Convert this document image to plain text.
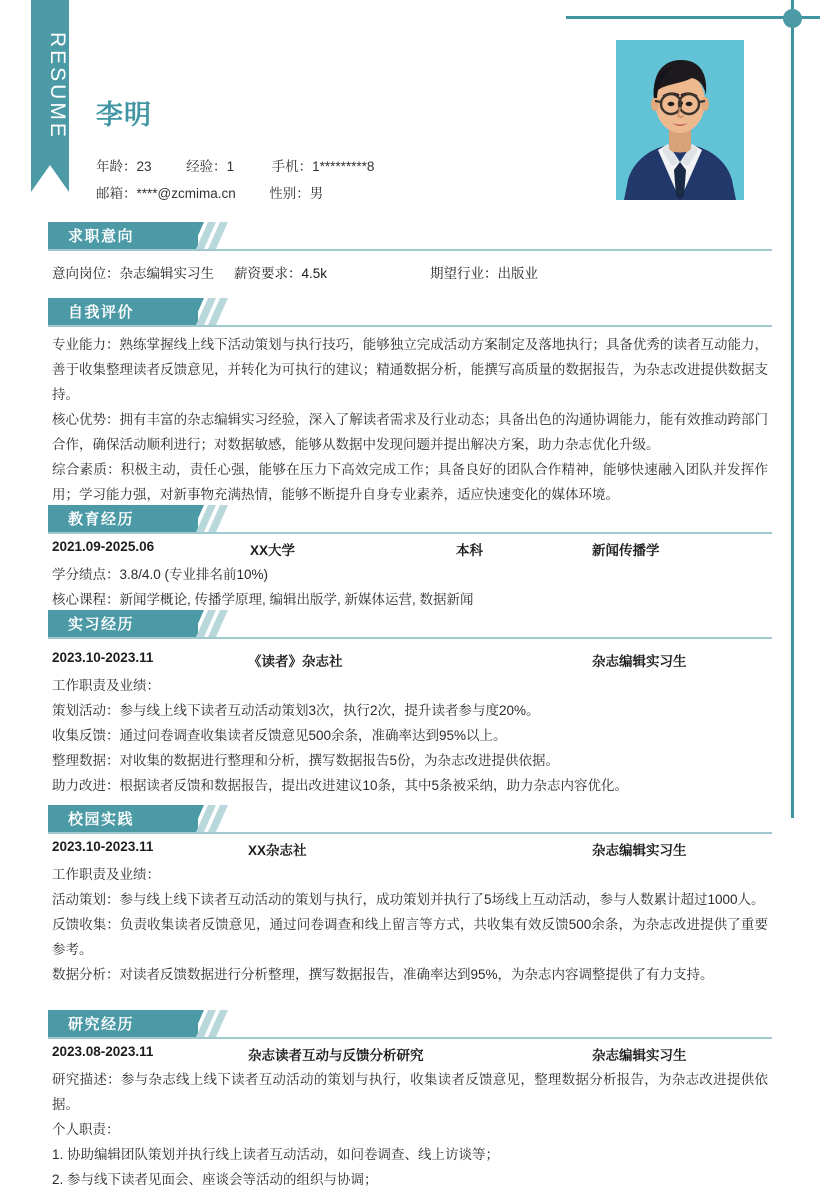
RESUME 李明
年龄：23	经验：1	手机：1*********8
邮箱：****@zcmima.cn 性别：男
求职意向
意向岗位：杂志编辑实习生 薪资要求：4.5k	期望行业：出版业
自我评价

专业能力：熟练掌握线上线下活动策划与执行技巧，能够独立完成活动方案制定及落地执行；具备优秀的读者互动能力，善于收集整理读者反馈意见，并转化为可执行的建议；精通数据分析，能撰写高质量的数据报告，为杂志改进提供数据支持。

核心优势：拥有丰富的杂志编辑实习经验，深入了解读者需求及行业动态；具备出色的沟通协调能力，能有效推动跨部门合作，确保活动顺利进行；对数据敏感，能够从数据中发现问题并提出解决方案，助力杂志优化升级。

综合素质：积极主动，责任心强，能够在压力下高效完成工作；具备良好的团队合作精神，能够快速融入团队并发挥作用；学习能力强，对新事物充满热情，能够不断提升自身专业素养，适应快速变化的媒体环境。

教育经历
2021.09-2025.06	XX大学	本科	新闻传播学

学分绩点：3.8/4.0 (专业排名前10%)

核心课程：新闻学概论, 传播学原理, 编辑出版学, 新媒体运营, 数据新闻

实习经历
2023.10-2023.11	《读者》杂志社	杂志编辑实习生

工作职责及业绩：

策划活动：参与线上线下读者互动活动策划3次，执行2次，提升读者参与度20%。

收集反馈：通过问卷调查收集读者反馈意见500余条，准确率达到95%以上。

整理数据：对收集的数据进行整理和分析，撰写数据报告5份，为杂志改进提供依据。

助力改进：根据读者反馈和数据报告，提出改进建议10条，其中5条被采纳，助力杂志内容优化。

校园实践
2023.10-2023.11	XX杂志社	杂志编辑实习生

工作职责及业绩：

活动策划：参与线上线下读者互动活动的策划与执行，成功策划并执行了5场线上互动活动，参与人数累计超过1000人。

反馈收集：负责收集读者反馈意见，通过问卷调查和线上留言等方式，共收集有效反馈500余条，为杂志改进提供了重要参考。

数据分析：对读者反馈数据进行分析整理，撰写数据报告，准确率达到95%，为杂志内容调整提供了有力支持。

研究经历
2023.08-2023.11	杂志读者互动与反馈分析研究	杂志编辑实习生

研究描述：参与杂志线上线下读者互动活动的策划与执行，收集读者反馈意见，整理数据分析报告，为杂志改进提供依据。

个人职责：

1. 协助编辑团队策划并执行线上读者互动活动，如问卷调查、线上访谈等；

2. 参与线下读者见面会、座谈会等活动的组织与协调；
